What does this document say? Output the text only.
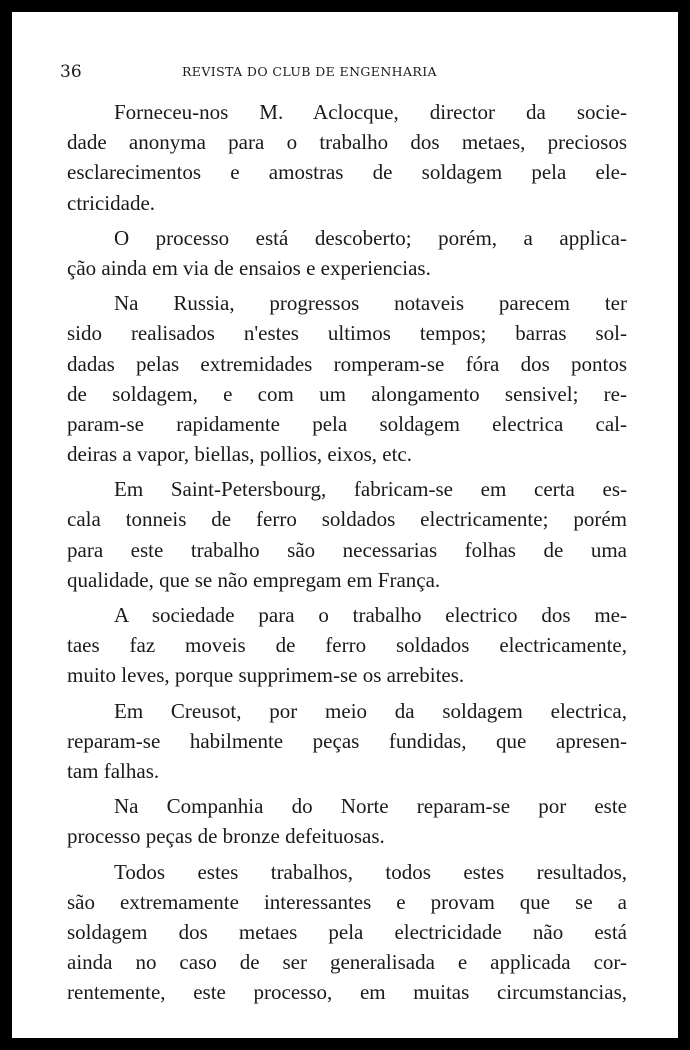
36	REVISTA DO CLUB DE ENGENHARIA
Forneceu-nos M. Aclocque, director da socie-
dade anonyma para o trabalho dos metaes, preciosos
esclarecimentos e amostras de soldagem pela ele-
ctricidade.
O processo está descoberto; porém, a applica-
ção ainda em via de ensaios e experiencias.
Na Russia, progressos notaveis parecem ter
sido realisados n'estes ultimos tempos; barras sol-
dadas pelas extremidades romperam-se fóra dos pontos
de soldagem, e com um alongamento sensivel; re-
param-se rapidamente pela soldagem electrica cal-
deiras a vapor, biellas, pollios, eixos, etc.
Em Saint-Petersbourg, fabricam-se em certa es-
cala tonneis de ferro soldados electricamente; porém
para este trabalho são necessarias folhas de uma
qualidade, que se não empregam em França.
A sociedade para o trabalho electrico dos me-
taes faz moveis de ferro soldados electricamente,
muito leves, porque supprimem-se os arrebites.
Em Creusot, por meio da soldagem electrica,
reparam-se habilmente peças fundidas, que apresen-
tam falhas.
Na Companhia do Norte reparam-se por este
processo peças de bronze defeituosas.
Todos estes trabalhos, todos estes resultados,
são extremamente interessantes e provam que se a
soldagem dos metaes pela electricidade não está
ainda no caso de ser generalisada e applicada cor-
rentemente, este processo, em muitas circumstancias,
